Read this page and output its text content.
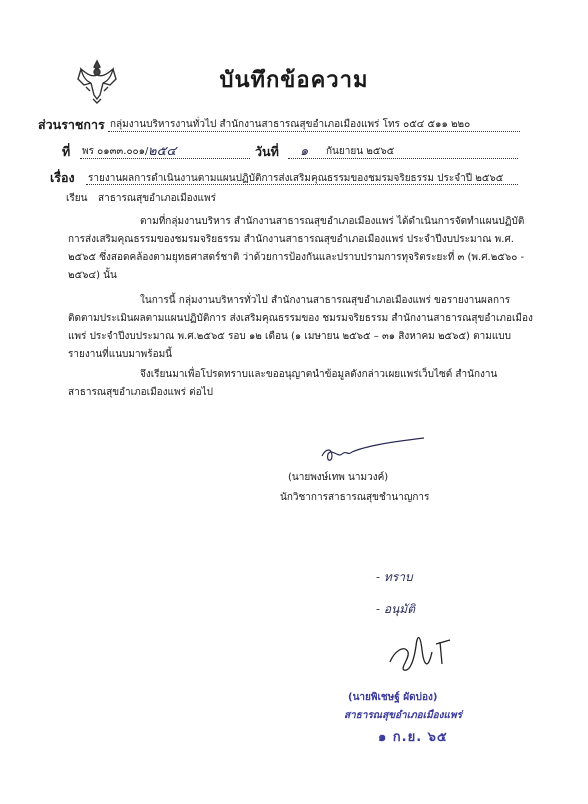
บันทึกข้อความ
ส่วนราชการ กลุ่มงานบริหารงานทั่วไป สำนักงานสาธารณสุขอำเภอเมืองแพร่ โทร ๐๕๔ ๕๑๑ ๒๒๐
ที่ พร ๐๑๓๓.๐๐๑/ ๒๕๔	วันที่ ๑ กันยายน ๒๕๖๕
เรื่อง รายงานผลการดำเนินงานตามแผนปฏิบัติการส่งเสริมคุณธรรมของชมรมจริยธรรม ประจำปี ๒๕๖๕
เรียน สาธารณสุขอำเภอเมืองแพร่
ตามที่กลุ่มงานบริหาร สำนักงานสาธารณสุขอำเภอเมืองแพร่ ได้ดำเนินการจัดทำแผนปฏิบัติการส่งเสริมคุณธรรมของชมรมจริยธรรม สำนักงานสาธารณสุขอำเภอเมืองแพร่ ประจำปีงบประมาณ พ.ศ. ๒๕๖๕ ซึ่งสอดคล้องตามยุทธศาสตร์ชาติ ว่าด้วยการป้องกันและปราบปรามการทุจริตระยะที่ ๓ (พ.ศ.๒๕๖๐ - ๒๕๖๔) นั้น
ในการนี้ กลุ่มงานบริหารทั่วไป สำนักงานสาธารณสุขอำเภอเมืองแพร่ ขอรายงานผลการติดตามประเมินผลตามแผนปฏิบัติการ ส่งเสริมคุณธรรมของ ชมรมจริยธรรม สำนักงานสาธารณสุขอำเภอเมืองแพร่ ประจำปีงบประมาณ พ.ศ.๒๕๖๕ รอบ ๑๒ เดือน (๑ เมษายน ๒๕๖๕ – ๓๑ สิงหาคม ๒๕๖๕) ตามแบบรายงานที่แนบมาพร้อมนี้
จึงเรียนมาเพื่อโปรดทราบและขออนุญาตนำข้อมูลดังกล่าวเผยแพร่เว็บไซต์ สำนักงานสาธารณสุขอำเภอเมืองแพร่ ต่อไป
(นายพงษ์เทพ นามวงค์)
นักวิชาการสาธารณสุขชำนาญการ
- ทราบ
- อนุมัติ
(นายพิเชษฐ์ ผัดบ่อง)
สาธารณสุขอำเภอเมืองแพร่
๑ ก.ย. ๖๕
